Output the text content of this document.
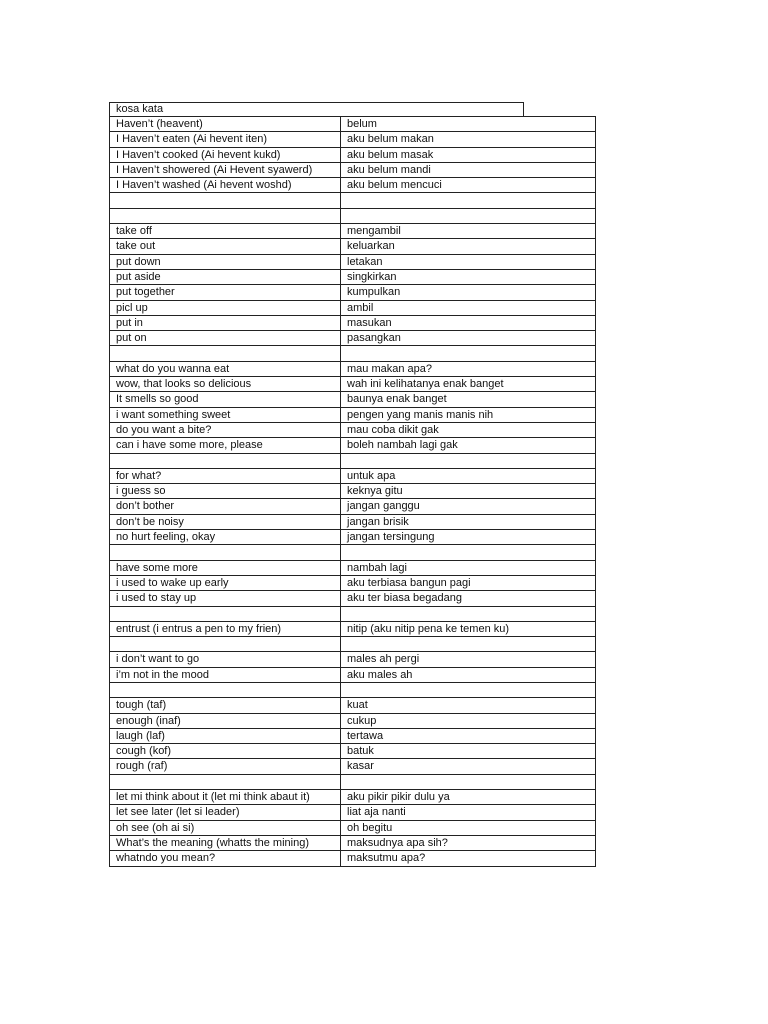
kosa kata
Haven’t (heavent)	belum
I Haven’t eaten (Ai hevent iten)	aku belum makan
I Haven’t cooked (Ai hevent kukd)	aku belum masak
I Haven’t showered (Ai Hevent syawerd)	aku belum mandi
I Haven’t washed (Ai hevent woshd)	aku belum mencuci

take off	mengambil
take out	keluarkan
put down	letakan
put aside	singkirkan
put together	kumpulkan
picl up	ambil
put in	masukan
put on	pasangkan

what do you wanna eat	mau makan apa?
wow, that looks so delicious	wah ini kelihatanya enak banget
It smells so good	baunya enak banget
i want something sweet	pengen yang manis manis nih
do you want a bite?	mau coba dikit gak
can i have some more, please	boleh nambah lagi gak

for what?	untuk apa
i guess so	keknya gitu
don’t bother	jangan ganggu
don’t be noisy	jangan brisik
no hurt feeling, okay	jangan tersingung

have some more	nambah lagi
i used to wake up early	aku terbiasa bangun pagi
i used to stay up	aku ter biasa begadang

entrust (i entrus a pen to my frien)	nitip (aku nitip pena ke temen ku)

i don’t want to go	males ah pergi
i’m not in the mood	aku males ah

tough (taf)	kuat
enough (inaf)	cukup
laugh (laf)	tertawa
cough (kof)	batuk
rough (raf)	kasar

let mi think about it (let mi think abaut it)	aku pikir pikir dulu ya
let see later (let si leader)	liat aja nanti
oh see (oh ai si)	oh begitu
What’s the meaning (whatts the mining)	maksudnya apa sih?
whatndo you mean?	maksutmu apa?
